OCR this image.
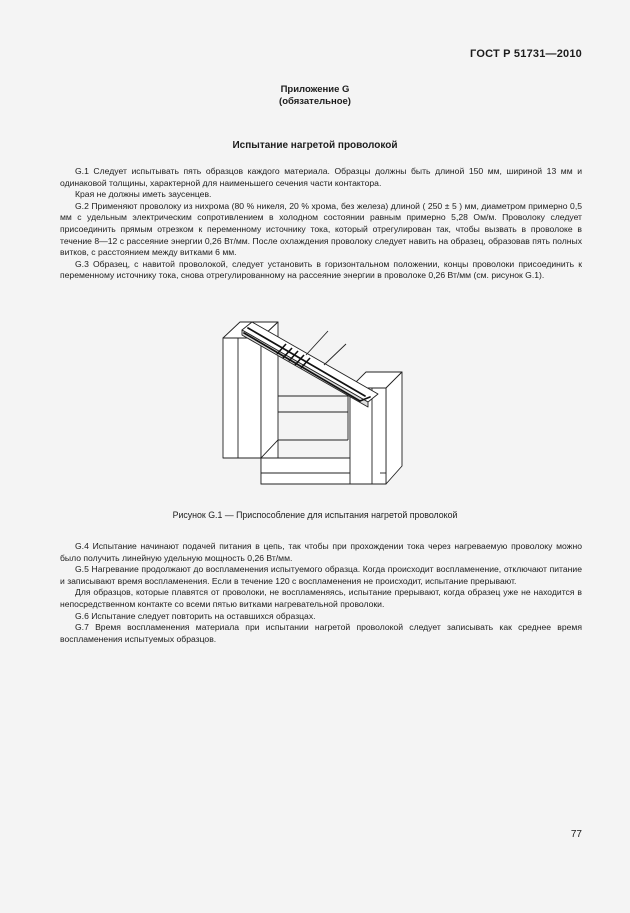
ГОСТ Р 51731—2010
Приложение G
(обязательное)
Испытание нагретой проволокой

G.1 Следует испытывать пять образцов каждого материала. Образцы должны быть длиной 150 мм, шириной 13 мм и одинаковой толщины, характерной для наименьшего сечения части контактора.

Края не должны иметь заусенцев.

G.2 Применяют проволоку из нихрома (80 % никеля, 20 % хрома, без железа) длиной ( 250 ± 5 ) мм, диаметром примерно 0,5 мм с удельным электрическим сопротивлением в холодном состоянии равным примерно 5,28 Ом/м. Проволоку следует присоединить прямым отрезком к переменному источнику тока, который отрегулирован так, чтобы вызвать в проволоке в течение 8—12 с рассеяние энергии 0,26 Вт/мм. После охлаждения проволоку следует навить на образец, образовав пять полных витков, с расстоянием между витками 6 мм.

G.3 Образец, с навитой проволокой, следует установить в горизонтальном положении, концы проволоки присоединить к переменному источнику тока, снова отрегулированному на рассеяние энергии в проволоке 0,26 Вт/мм (см. рисунок G.1).

Рисунок G.1 — Приспособление для испытания нагретой проволокой

G.4 Испытание начинают подачей питания в цепь, так чтобы при прохождении тока через нагреваемую проволоку можно было получить линейную удельную мощность 0,26 Вт/мм.

G.5 Нагревание продолжают до воспламенения испытуемого образца. Когда происходит воспламенение, отключают питание и записывают время воспламенения. Если в течение 120 с воспламенения не происходит, испытание прерывают.

Для образцов, которые плавятся от проволоки, не воспламеняясь, испытание прерывают, когда образец уже не находится в непосредственном контакте со всеми пятью витками нагревательной проволоки.

G.6 Испытание следует повторить на оставшихся образцах.

G.7 Время воспламенения материала при испытании нагретой проволокой следует записывать как среднее время воспламенения испытуемых образцов.

77
